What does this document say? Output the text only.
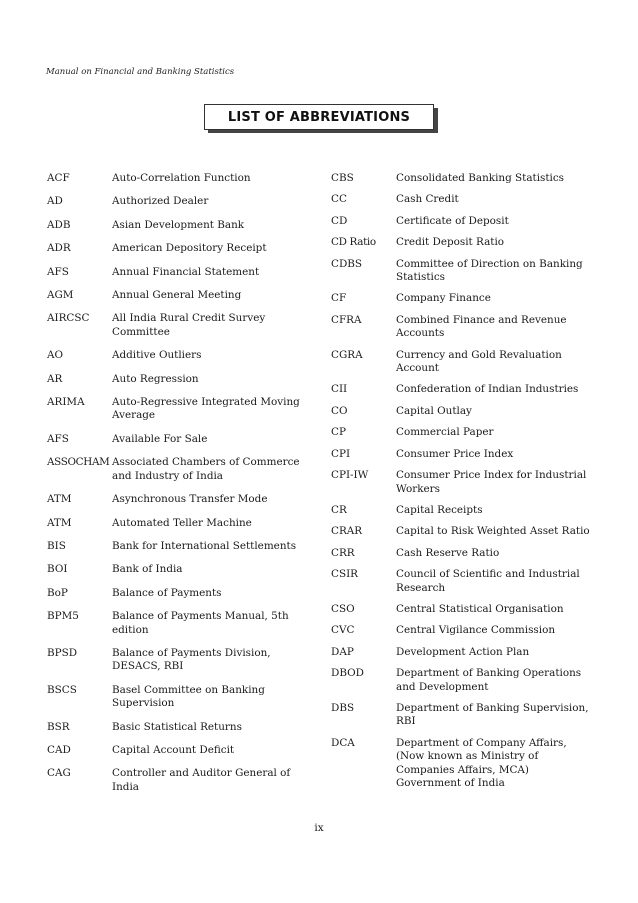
Manual on Financial and Banking Statistics
LIST OF ABBREVIATIONS
ACF	Auto-Correlation Function
AD	Authorized Dealer
ADB	Asian Development Bank
ADR	American Depository Receipt
AFS	Annual Financial Statement
AGM	Annual General Meeting
AIRCSC	All India Rural Credit Survey Committee
AO	Additive Outliers
AR	Auto Regression
ARIMA	Auto-Regressive Integrated Moving Average
AFS	Available For Sale
ASSOCHAM Associated Chambers of Commerce and Industry of India
ATM	Asynchronous Transfer Mode
ATM	Automated Teller Machine
BIS	Bank for International Settlements
BOI	Bank of India
BoP	Balance of Payments
BPM5	Balance of Payments Manual, 5th edition
BPSD	Balance of Payments Division, DESACS, RBI
BSCS	Basel Committee on Banking Supervision
BSR	Basic Statistical Returns
CAD	Capital Account Deficit
CAG	Controller and Auditor General of India
CBS	Consolidated Banking Statistics
CC	Cash Credit
CD	Certificate of Deposit
CD Ratio	Credit Deposit Ratio
CDBS	Committee of Direction on Banking Statistics
CF	Company Finance
CFRA	Combined Finance and Revenue Accounts
CGRA	Currency and Gold Revaluation Account
CII	Confederation of Indian Industries
CO	Capital Outlay
CP	Commercial Paper
CPI	Consumer Price Index
CPI-IW	Consumer Price Index for Industrial Workers
CR	Capital Receipts
CRAR	Capital to Risk Weighted Asset Ratio
CRR	Cash Reserve Ratio
CSIR	Council of Scientific and Industrial Research
CSO	Central Statistical Organisation
CVC	Central Vigilance Commission
DAP	Development Action Plan
DBOD	Department of Banking Operations and Development
DBS	Department of Banking Supervision, RBI
DCA	Department of Company Affairs, (Now known as Ministry of Companies Affairs, MCA) Government of India
ix
